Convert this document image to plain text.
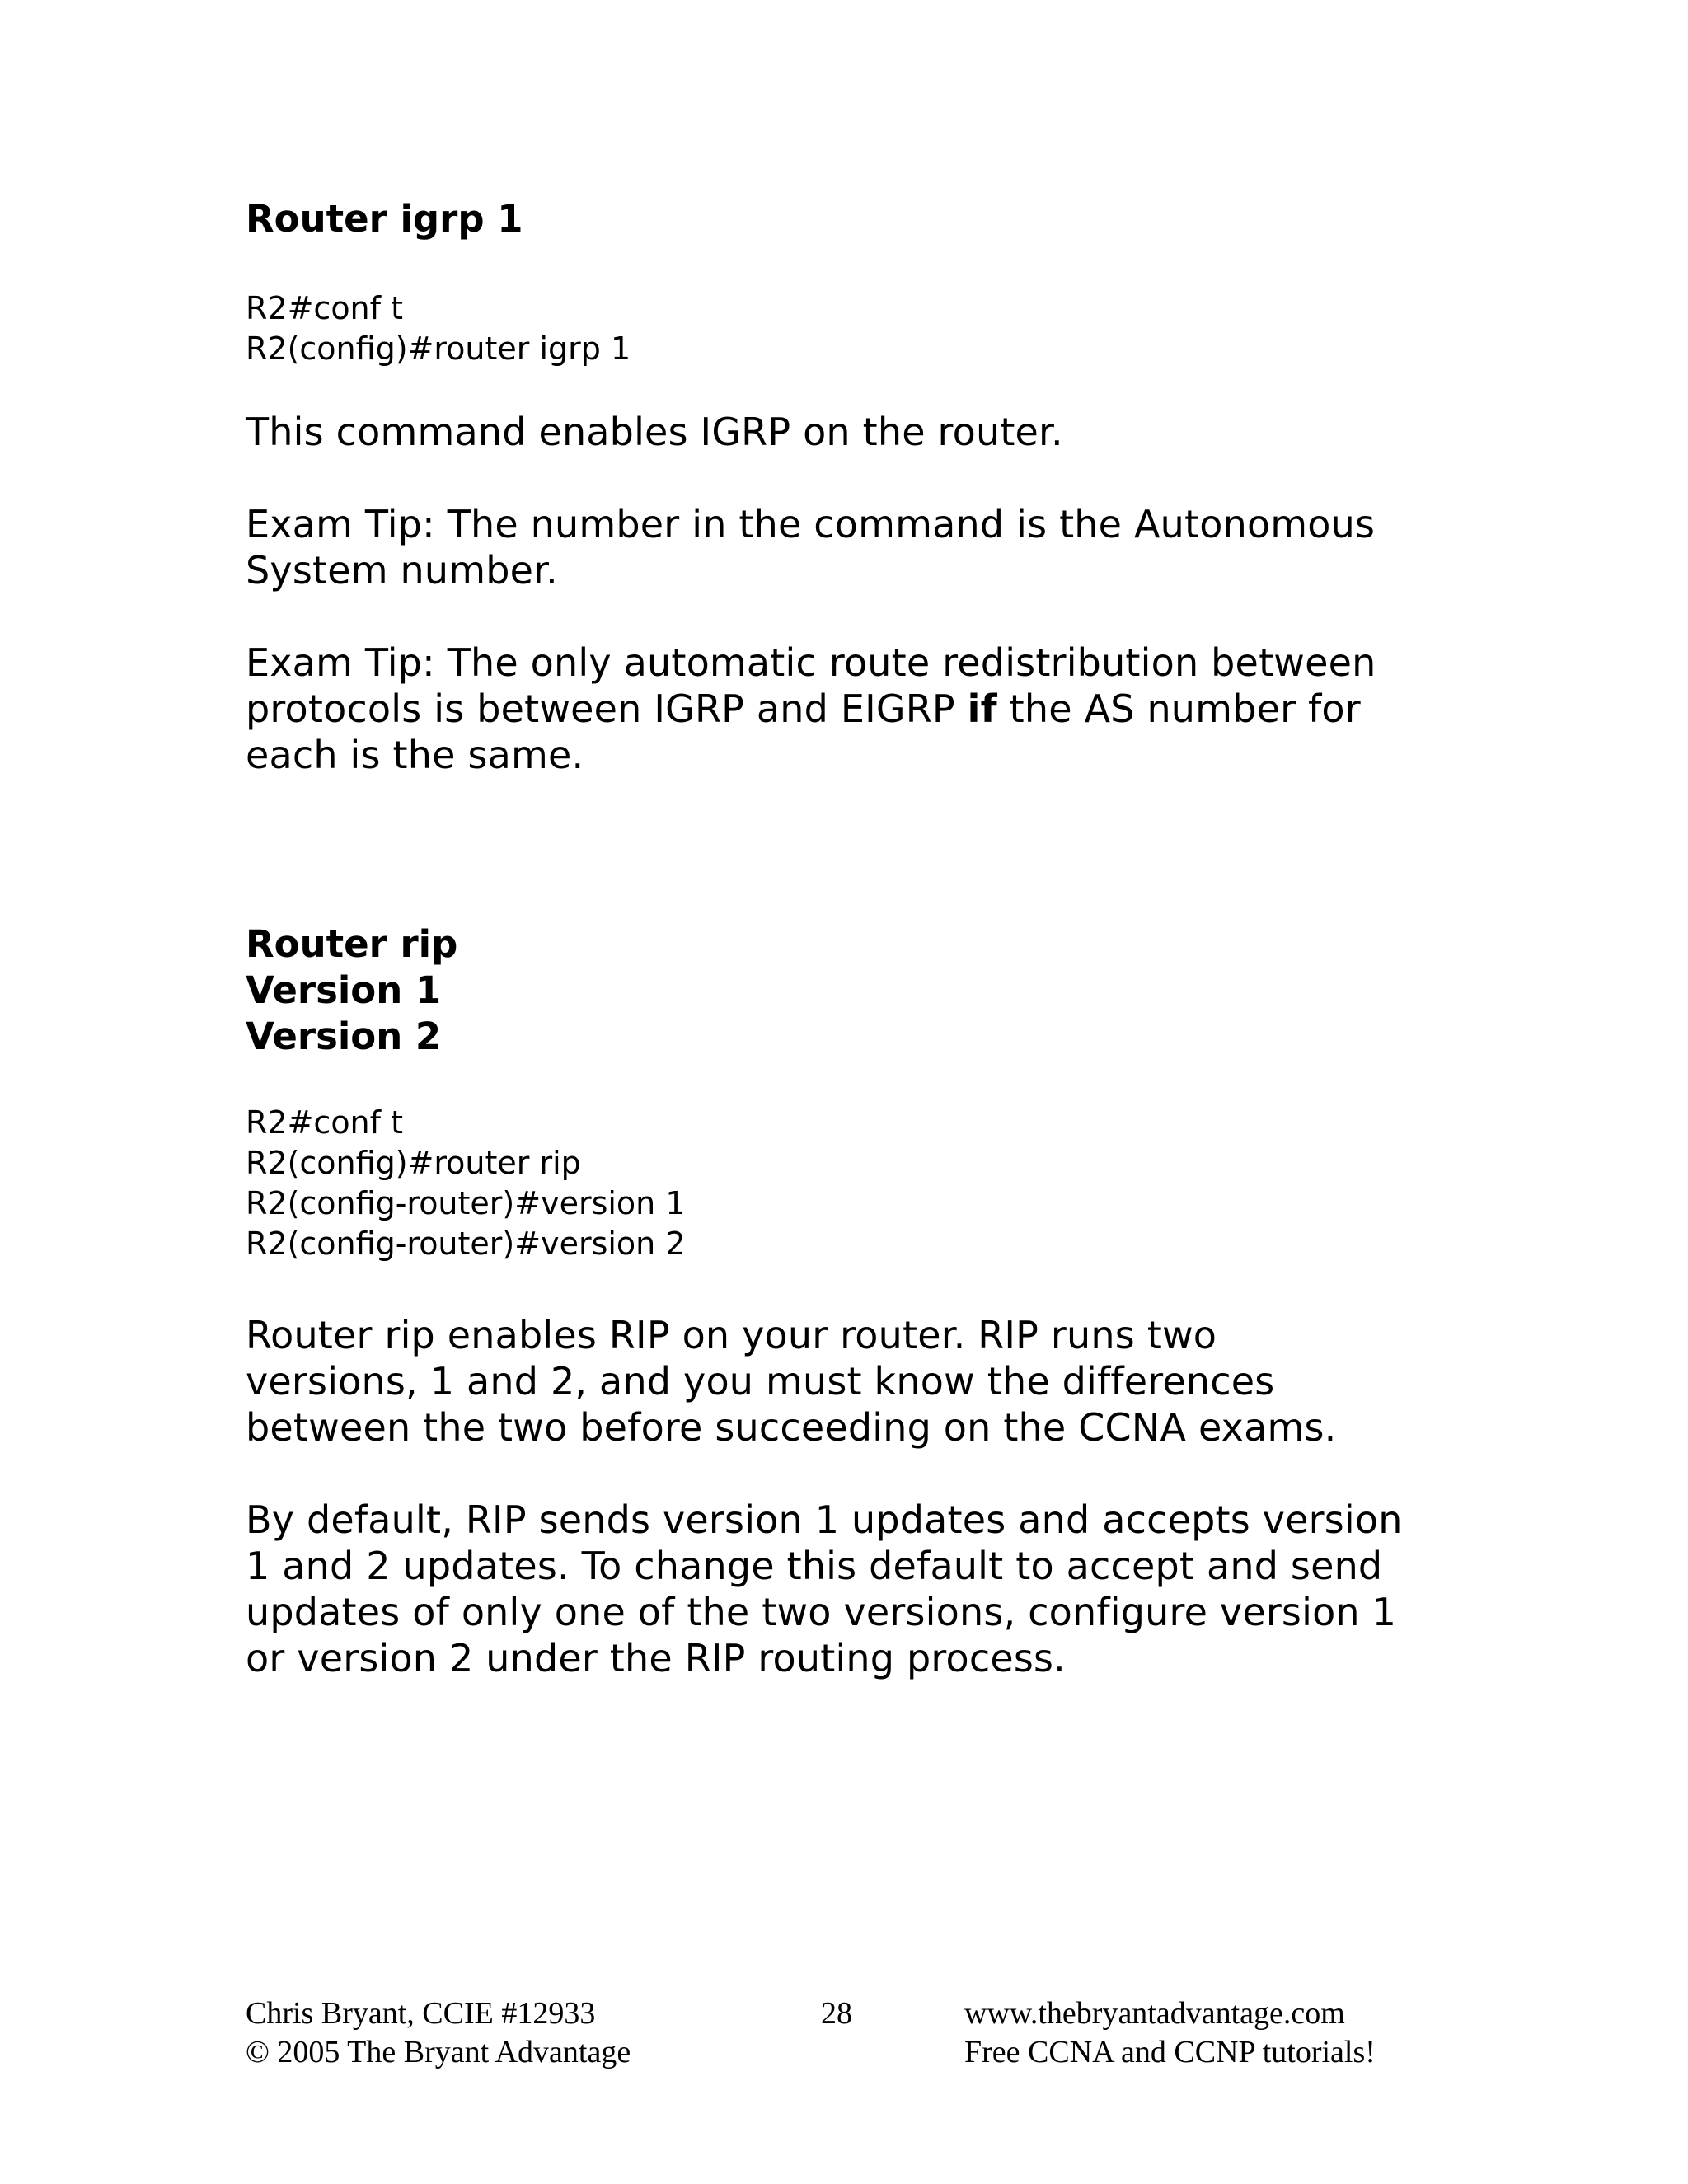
Router igrp 1

R2#conf t

R2(config)#router igrp 1

This command enables IGRP on the router.

Exam Tip: The number in the command is the Autonomous

System number.

Exam Tip: The only automatic route redistribution between

protocols is between IGRP and EIGRP if the AS number for

each is the same.

Router rip

Version 1

Version 2

R2#conf t

R2(config)#router rip

R2(config-router)#version 1

R2(config-router)#version 2

Router rip enables RIP on your router. RIP runs two

versions, 1 and 2, and you must know the differences

between the two before succeeding on the CCNA exams.

By default, RIP sends version 1 updates and accepts version

1 and 2 updates. To change this default to accept and send

updates of only one of the two versions, configure version 1

or version 2 under the RIP routing process.

Chris Bryant, CCIE #12933
© 2005 The Bryant Advantage
28	www.thebryantadvantage.com
Free CCNA and CCNP tutorials!
